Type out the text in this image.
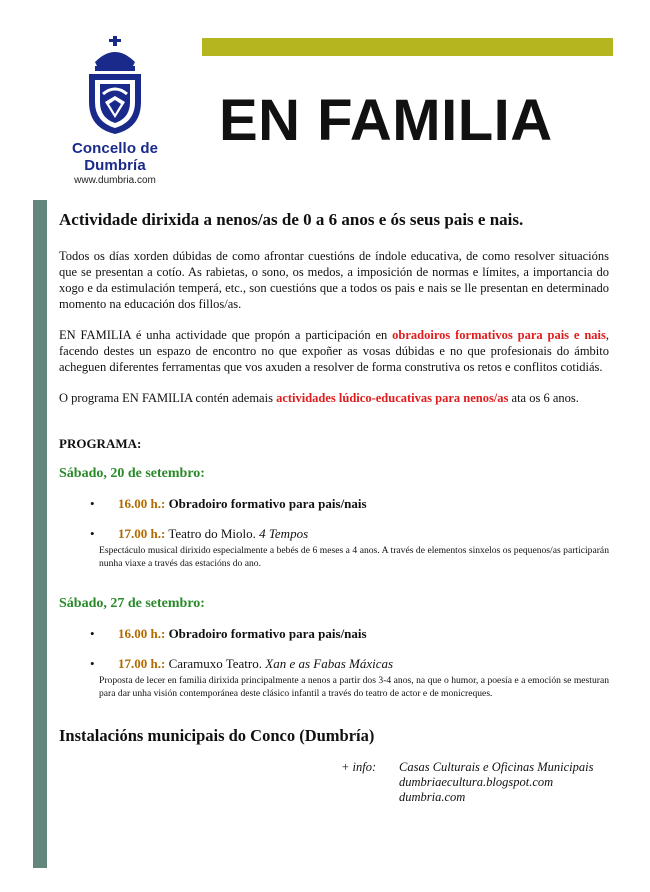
Concello de Dumbría
www.dumbria.com
EN FAMILIA
Actividade dirixida a nenos/as de 0 a 6 anos e ós seus pais e nais.

Todos os días xorden dúbidas de como afrontar cuestións de índole educativa, de como resolver situacións que se presentan a cotío. As rabietas, o sono, os medos, a imposición de normas e límites, a importancia do xogo e da estimulación temperá, etc., son cuestións que a todos os pais e nais se lle presentan en determinado momento na educación dos fillos/as.

EN FAMILIA é unha actividade que propón a participación en obradoiros formativos para pais e nais, facendo destes un espazo de encontro no que expoñer as vosas dúbidas e no que profesionais do ámbito acheguen diferentes ferramentas que vos axuden a resolver de forma construtiva os retos e conflitos cotidiás.

O programa EN FAMILIA contén ademais actividades lúdico-educativas para nenos/as ata os 6 anos.

PROGRAMA:
Sábado, 20 de setembro:
• 16.00 h.: Obradoiro formativo para pais/nais
• 17.00 h.: Teatro do Miolo. 4 Tempos
Espectáculo musical dirixido especialmente a bebés de 6 meses a 4 anos. A través de elementos sinxelos os pequenos/as participarán nunha viaxe a través das estacións do ano.
Sábado, 27 de setembro:
• 16.00 h.: Obradoiro formativo para pais/nais
• 17.00 h.: Caramuxo Teatro. Xan e as Fabas Máxicas
Proposta de lecer en familia dirixida principalmente a nenos a partir dos 3-4 anos, na que o humor, a poesía e a emoción se mesturan para dar unha visión contemporánea deste clásico infantil a través do teatro de actor e de monicreques.
Instalacións municipais do Conco (Dumbría)
+ info: Casas Culturais e Oficinas Municipais
dumbriaecultura.blogspot.com
dumbria.com
